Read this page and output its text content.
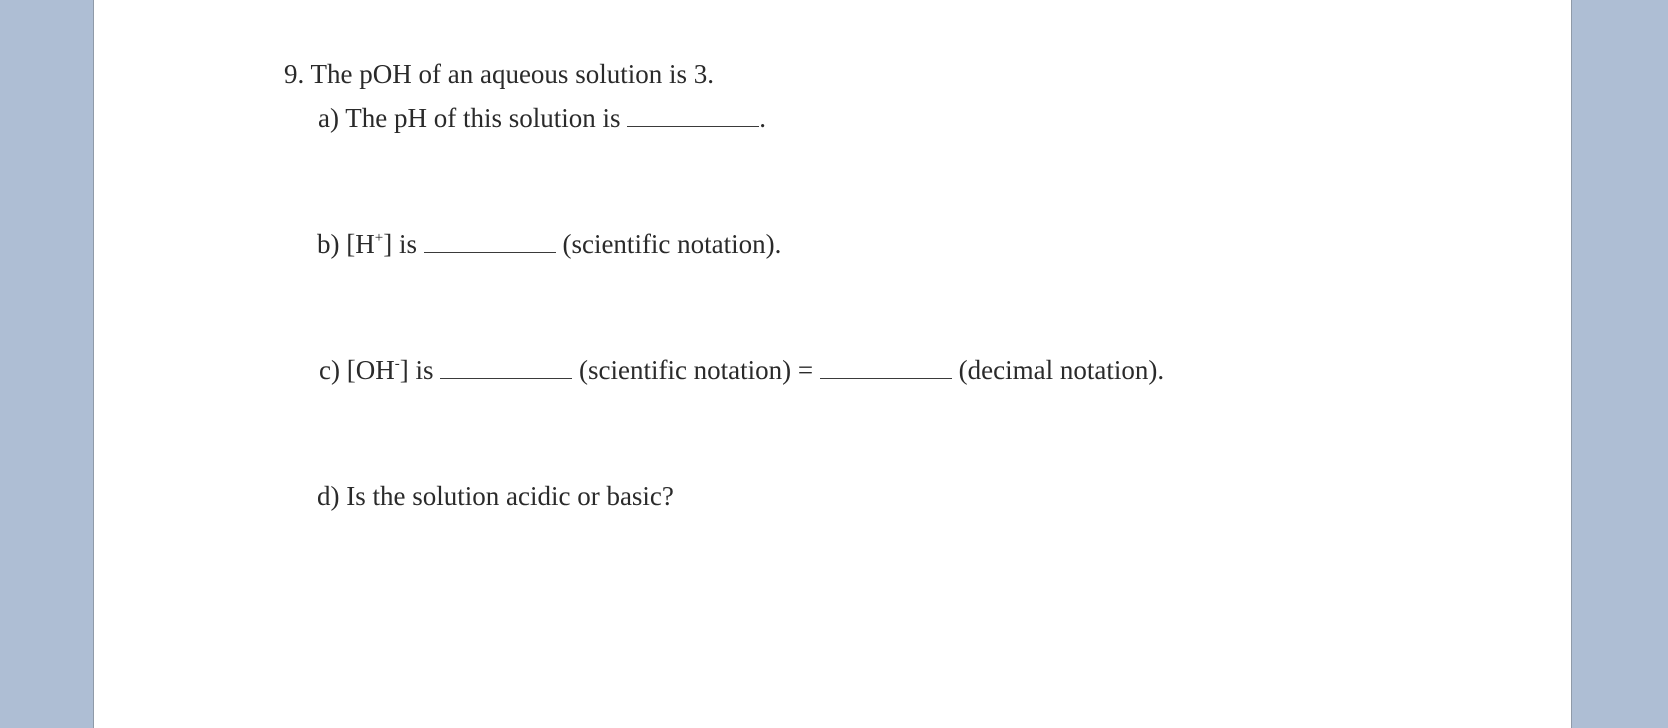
9. The pOH of an aqueous solution is 3.
a) The pH of this solution is	.
b) [H+] is	(scientific notation).
c) [OH-] is	(scientific notation) =	(decimal notation).
d) Is the solution acidic or basic?
